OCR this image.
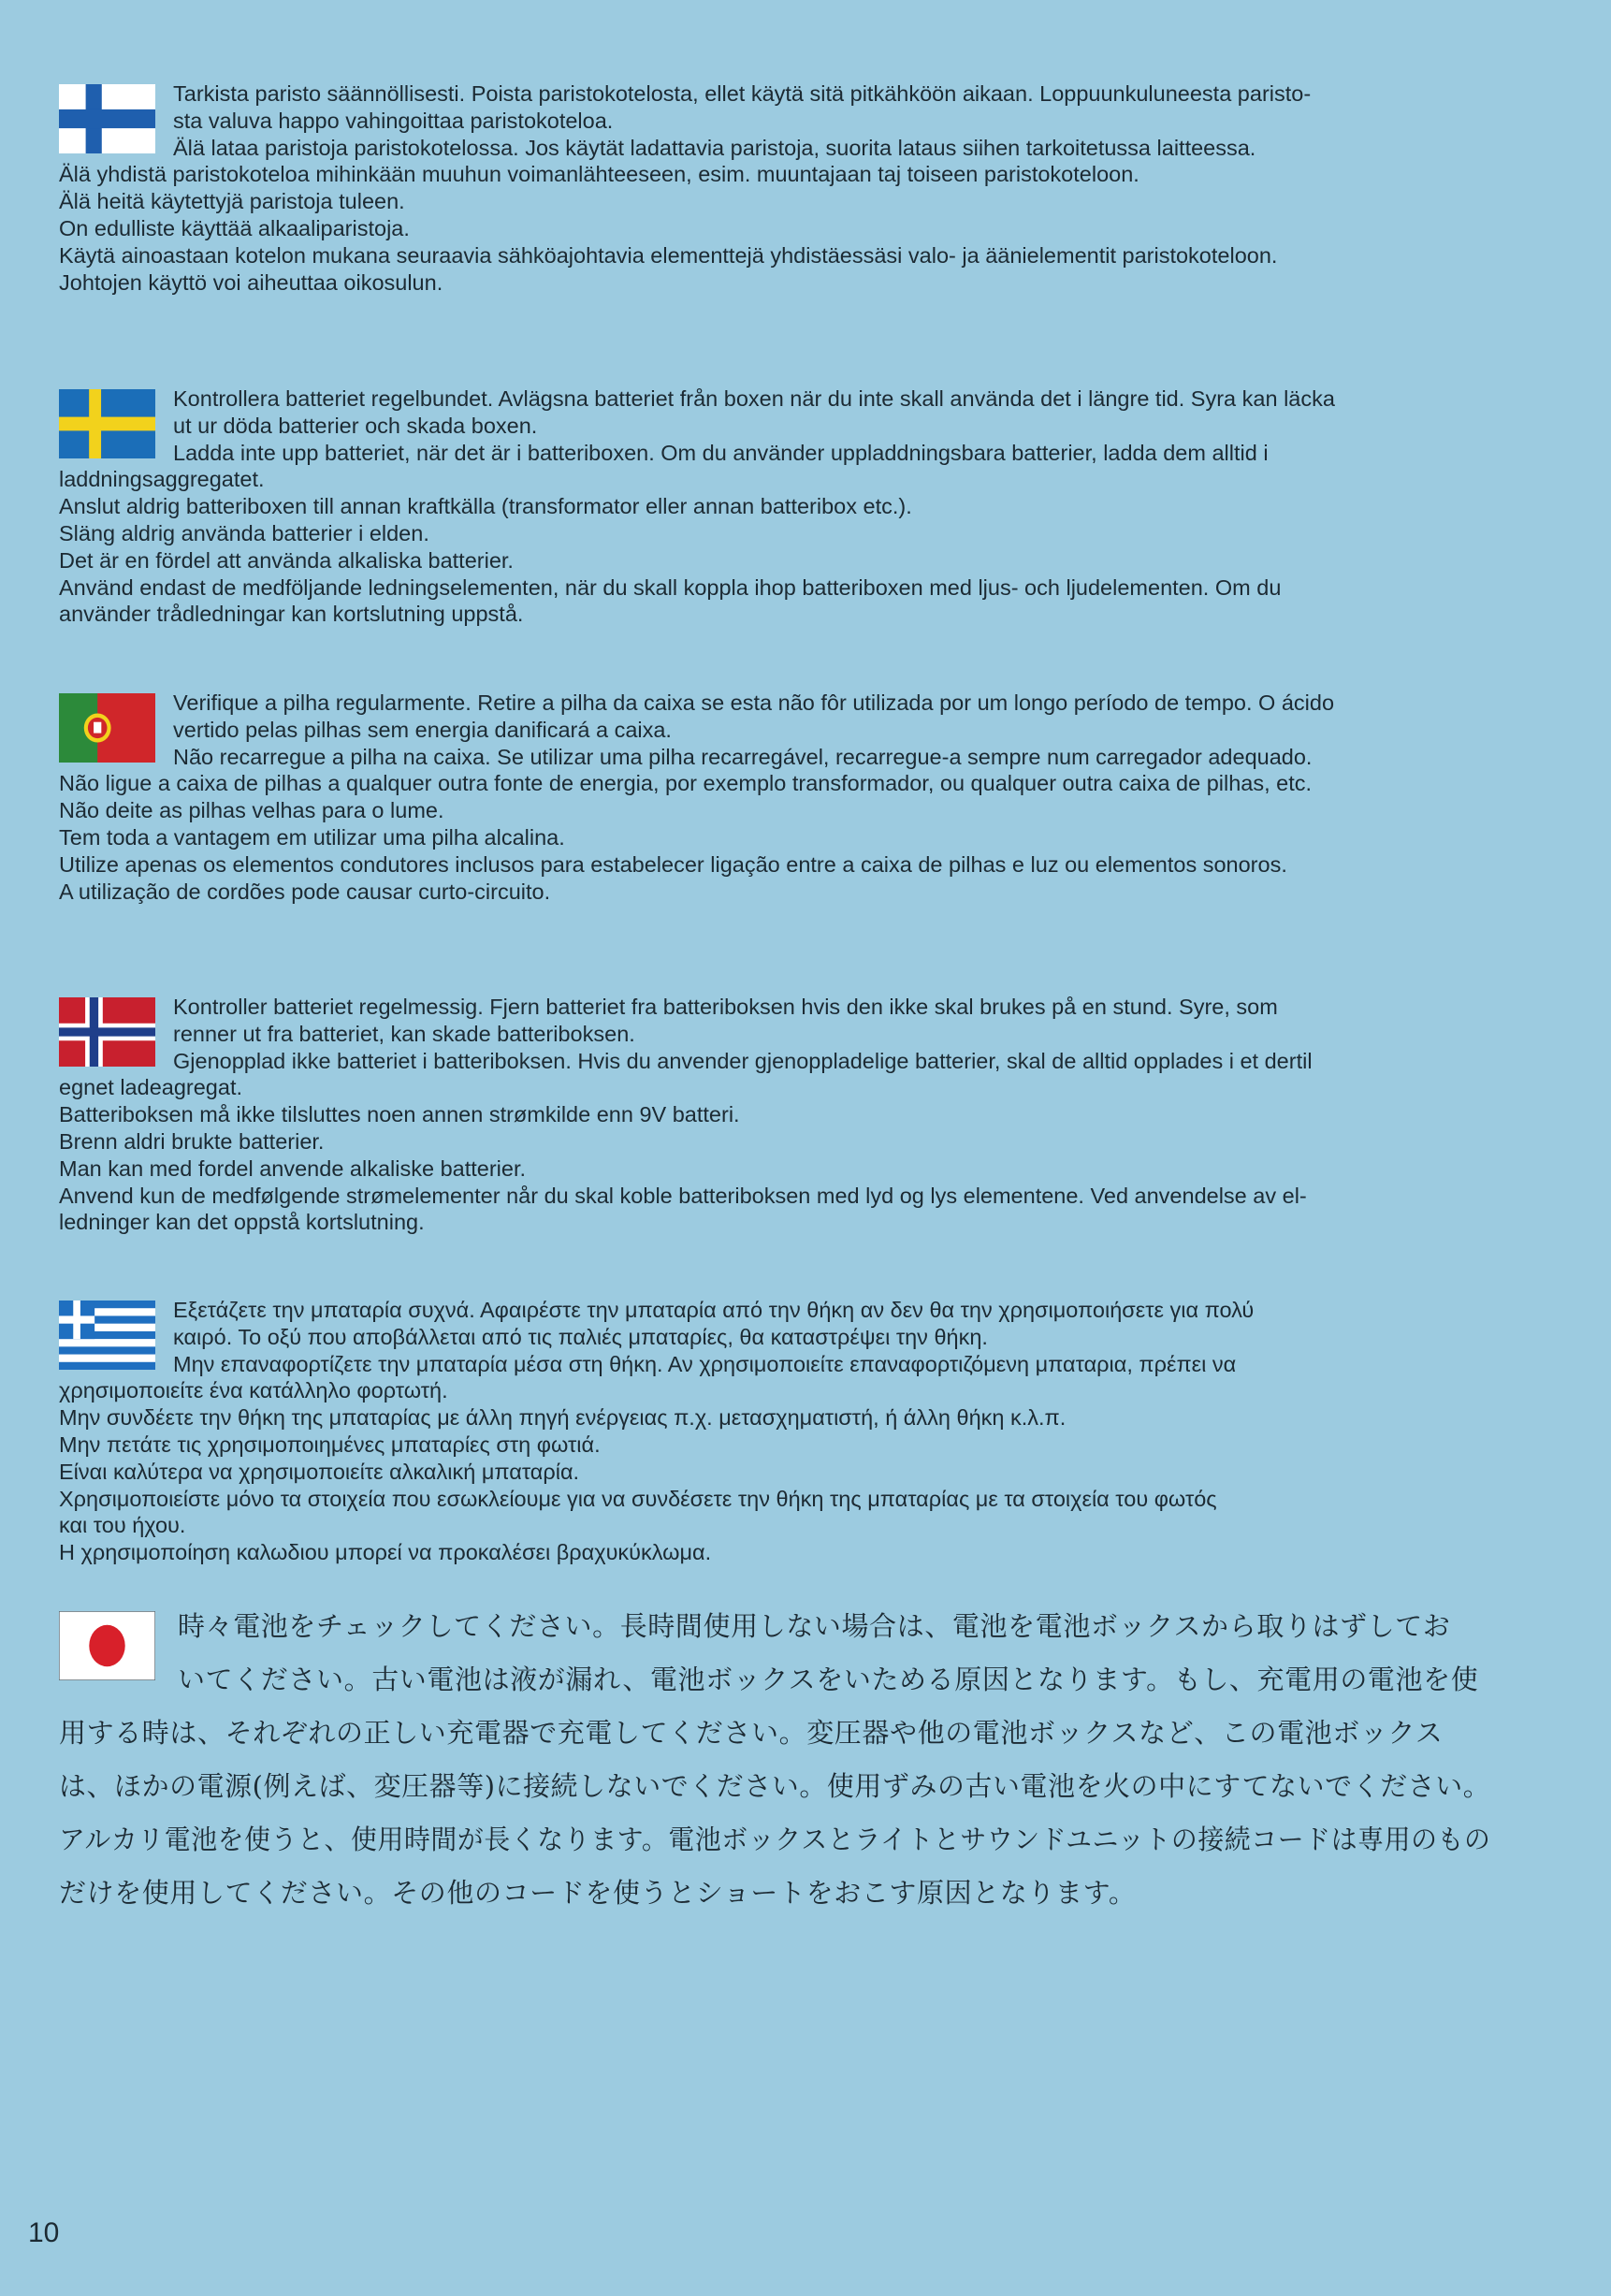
Tarkista paristo säännöllisesti. Poista paristokotelosta, ellet käytä sitä pitkähköön aikaan. Loppuunkuluneesta paristo-
sta valuva happo vahingoittaa paristokoteloa.
Älä lataa paristoja paristokotelossa. Jos käytät ladattavia paristoja, suorita lataus siihen tarkoitetussa laitteessa.
Älä yhdistä paristokoteloa mihinkään muuhun voimanlähteeseen, esim. muuntajaan taj toiseen paristokoteloon.
Älä heitä käytettyjä paristoja tuleen.
On edulliste käyttää alkaaliparistoja.
Käytä ainoastaan kotelon mukana seuraavia sähköajohtavia elementtejä yhdistäessäsi valo- ja äänielementit paristokoteloon.
Johtojen käyttö voi aiheuttaa oikosulun.
Kontrollera batteriet regelbundet. Avlägsna batteriet från boxen när du inte skall använda det i längre tid. Syra kan läcka
ut ur döda batterier och skada boxen.
Ladda inte upp batteriet, när det är i batteriboxen. Om du använder uppladdningsbara batterier, ladda dem alltid i
laddningsaggregatet.
Anslut aldrig batteriboxen till annan kraftkälla (transformator eller annan batteribox etc.).
Släng aldrig använda batterier i elden.
Det är en fördel att använda alkaliska batterier.
Använd endast de medföljande ledningselementen, när du skall koppla ihop batteriboxen med ljus- och ljudelementen. Om du
använder trådledningar kan kortslutning uppstå.
Verifique a pilha regularmente. Retire a pilha da caixa se esta não fôr utilizada por um longo período de tempo. O ácido
vertido pelas pilhas sem energia danificará a caixa.
Não recarregue a pilha na caixa. Se utilizar uma pilha recarregável, recarregue-a sempre num carregador adequado.
Não ligue a caixa de pilhas a qualquer outra fonte de energia, por exemplo transformador, ou qualquer outra caixa de pilhas, etc.
Não deite as pilhas velhas para o lume.
Tem toda a vantagem em utilizar uma pilha alcalina.
Utilize apenas os elementos condutores inclusos para estabelecer ligação entre a caixa de pilhas e luz ou elementos sonoros.
A utilização de cordões pode causar curto-circuito.
Kontroller batteriet regelmessig. Fjern batteriet fra batteriboksen hvis den ikke skal brukes på en stund. Syre, som
renner ut fra batteriet, kan skade batteriboksen.
Gjenopplad ikke batteriet i batteriboksen. Hvis du anvender gjenoppladelige batterier, skal de alltid opplades i et dertil
egnet ladeagregat.
Batteriboksen må ikke tilsluttes noen annen strømkilde enn 9V batteri.
Brenn aldri brukte batterier.
Man kan med fordel anvende alkaliske batterier.
Anvend kun de medfølgende strømelementer når du skal koble batteriboksen med lyd og lys elementene. Ved anvendelse av el-
ledninger kan det oppstå kortslutning.
Εξετάζετε την μπαταρία συχνά. Αφαιρέστε την μπαταρία από την θήκη αν δεν θα την χρησιμοποιήσετε για πολύ
καιρό. Το οξύ που αποβάλλεται από τις παλιές μπαταρίες, θα καταστρέψει την θήκη.
Μην επαναφορτίζετε την μπαταρία μέσα στη θήκη. Αν χρησιμοποιείτε επαναφορτιζόμενη μπαταρια, πρέπει να
χρησιμοποιείτε ένα κατάλληλο φορτωτή.
Μην συνδέετε την θήκη της μπαταρίας με άλλη πηγή ενέργειας π.χ. μετασχηματιστή, ή άλλη θήκη κ.λ.π.
Μην πετάτε τις χρησιμοποιημένες μπαταρίες στη φωτιά.
Είναι καλύτερα να χρησιμοποιείτε αλκαλική μπαταρία.
Χρησιμοποιείστε μόνο τα στοιχεία που εσωκλείουμε για να συνδέσετε την θήκη της μπαταρίας με τα στοιχεία του φωτός
και του ήχου.
Η χρησιμοποίηση καλωδιου μπορεί να προκαλέσει βραχυκύκλωμα.
時々電池をチェックしてください。長時間使用しない場合は、電池を電池ボックスから取りはずしてお
いてください。古い電池は液が漏れ、電池ボックスをいためる原因となります。もし、充電用の電池を使
用する時は、それぞれの正しい充電器で充電してください。変圧器や他の電池ボックスなど、この電池ボックス
は、ほかの電源(例えば、変圧器等)に接続しないでください。使用ずみの古い電池を火の中にすてないでください。
アルカリ電池を使うと、使用時間が長くなります。電池ボックスとライトとサウンドユニットの接続コードは専用のもの
だけを使用してください。その他のコードを使うとショートをおこす原因となります。
10
